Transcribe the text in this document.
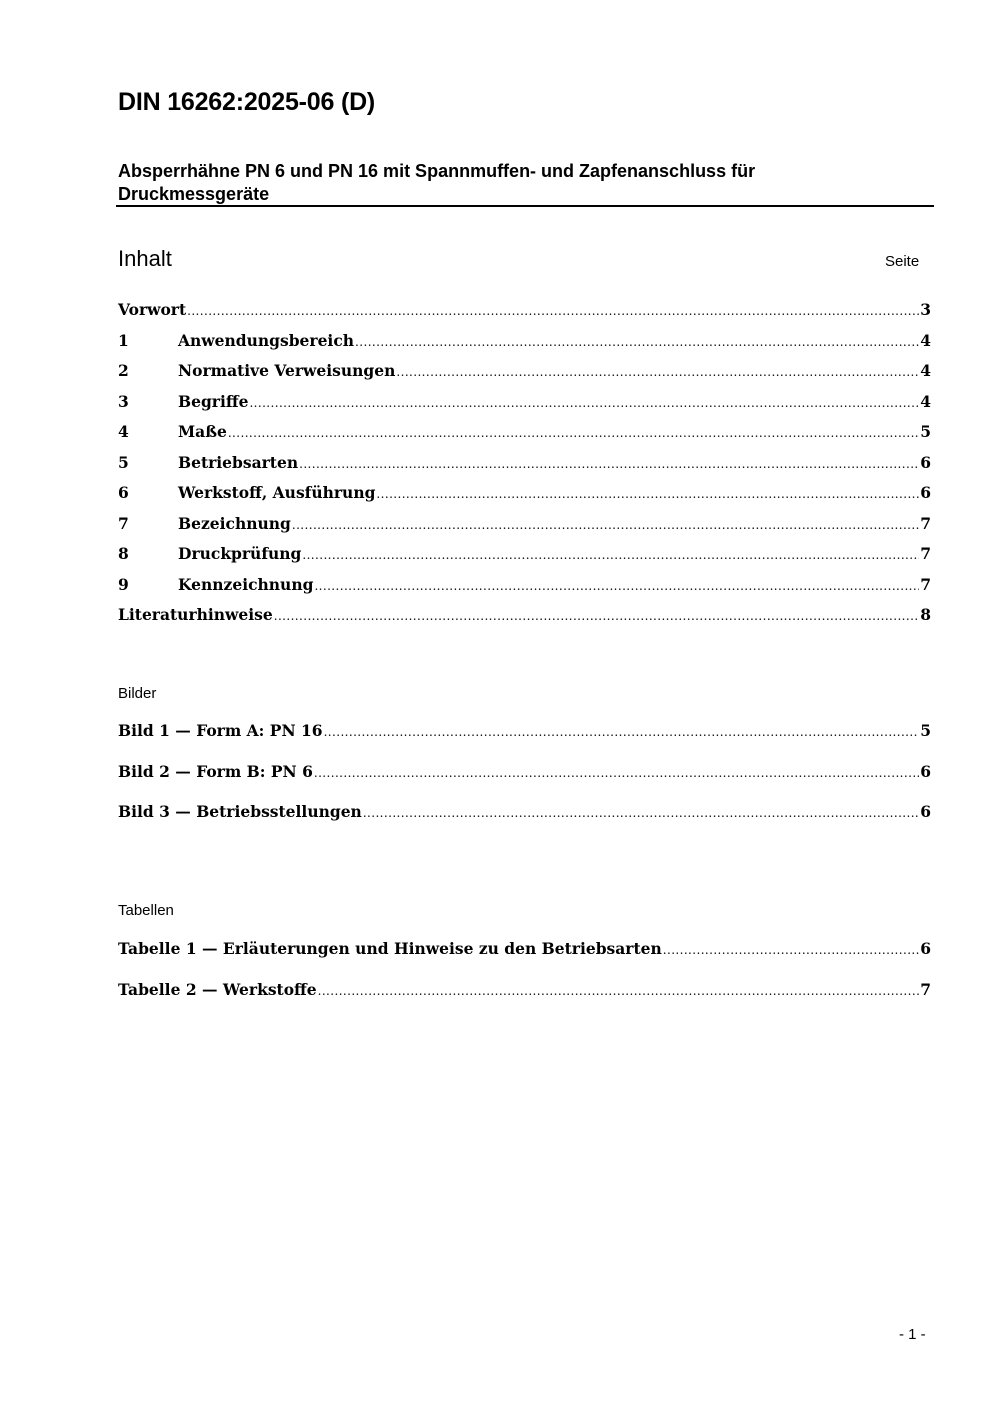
DIN 16262:2025-06 (D)
Absperrhähne PN 6 und PN 16 mit Spannmuffen- und Zapfenanschluss für Druckmessgeräte
Inhalt	Seite
Vorwort .....	3
1	Anwendungsbereich .....	4
2	Normative Verweisungen .....	4
3	Begriffe .....	4
4	Maße .....	5
5	Betriebsarten .....	6
6	Werkstoff, Ausführung .....	6
7	Bezeichnung .....	7
8	Druckprüfung .....	7
9	Kennzeichnung .....	7
Literaturhinweise .....	8
Bilder
Bild 1 — Form A: PN 16 .....	5
Bild 2 — Form B: PN 6 .....	6
Bild 3 — Betriebsstellungen .....	6
Tabellen
Tabelle 1 — Erläuterungen und Hinweise zu den Betriebsarten .....	6
Tabelle 2 — Werkstoffe .....	7
- 1 -
